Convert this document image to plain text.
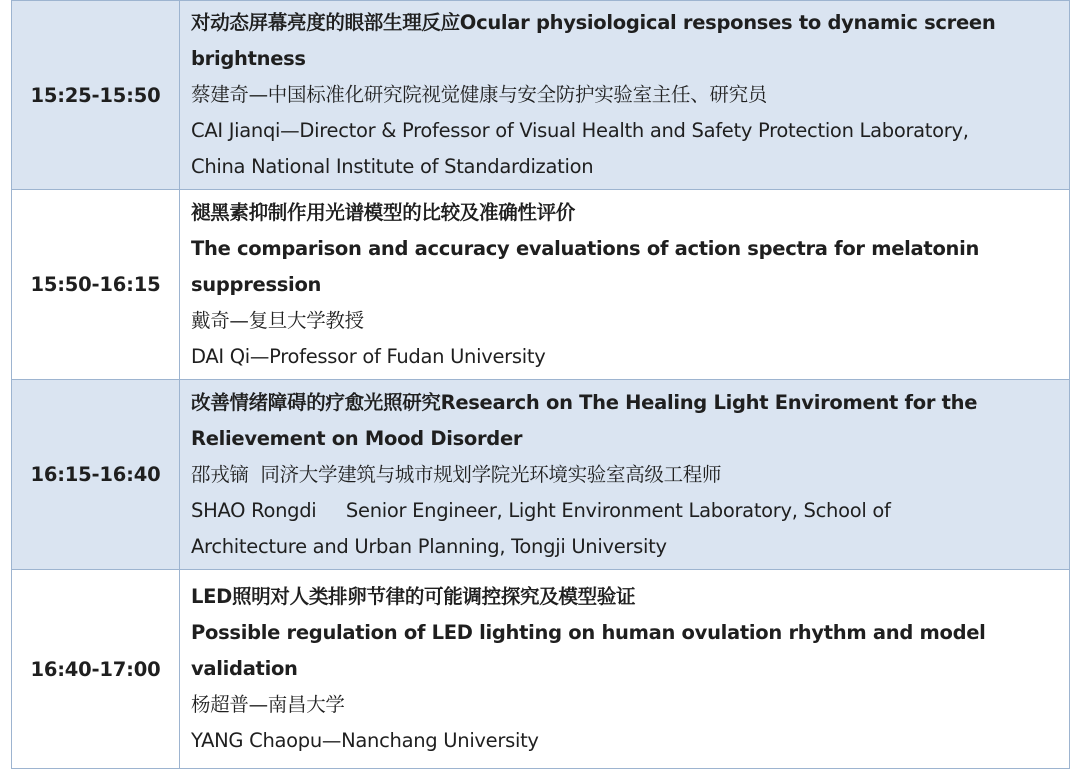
15:25-15:50	对动态屏幕亮度的眼部生理反应Ocular physiological responses to dynamic screen
brightness
蔡建奇—中国标准化研究院视觉健康与安全防护实验室主任、研究员
CAI Jianqi—Director & Professor of Visual Health and Safety Protection Laboratory,
China National Institute of Standardization

15:50-16:15	褪黑素抑制作用光谱模型的比较及准确性评价
The comparison and accuracy evaluations of action spectra for melatonin
suppression
戴奇—复旦大学教授
DAI Qi—Professor of Fudan University

16:15-16:40	改善情绪障碍的疗愈光照研究Research on The Healing Light Enviroment for the
Relievement on Mood Disorder
邵戎镝  同济大学建筑与城市规划学院光环境实验室高级工程师
SHAO Rongdi     Senior Engineer, Light Environment Laboratory, School of
Architecture and Urban Planning, Tongji University

16:40-17:00	LED照明对人类排卵节律的可能调控探究及模型验证
Possible regulation of LED lighting on human ovulation rhythm and model
validation
杨超普—南昌大学
YANG Chaopu—Nanchang University
